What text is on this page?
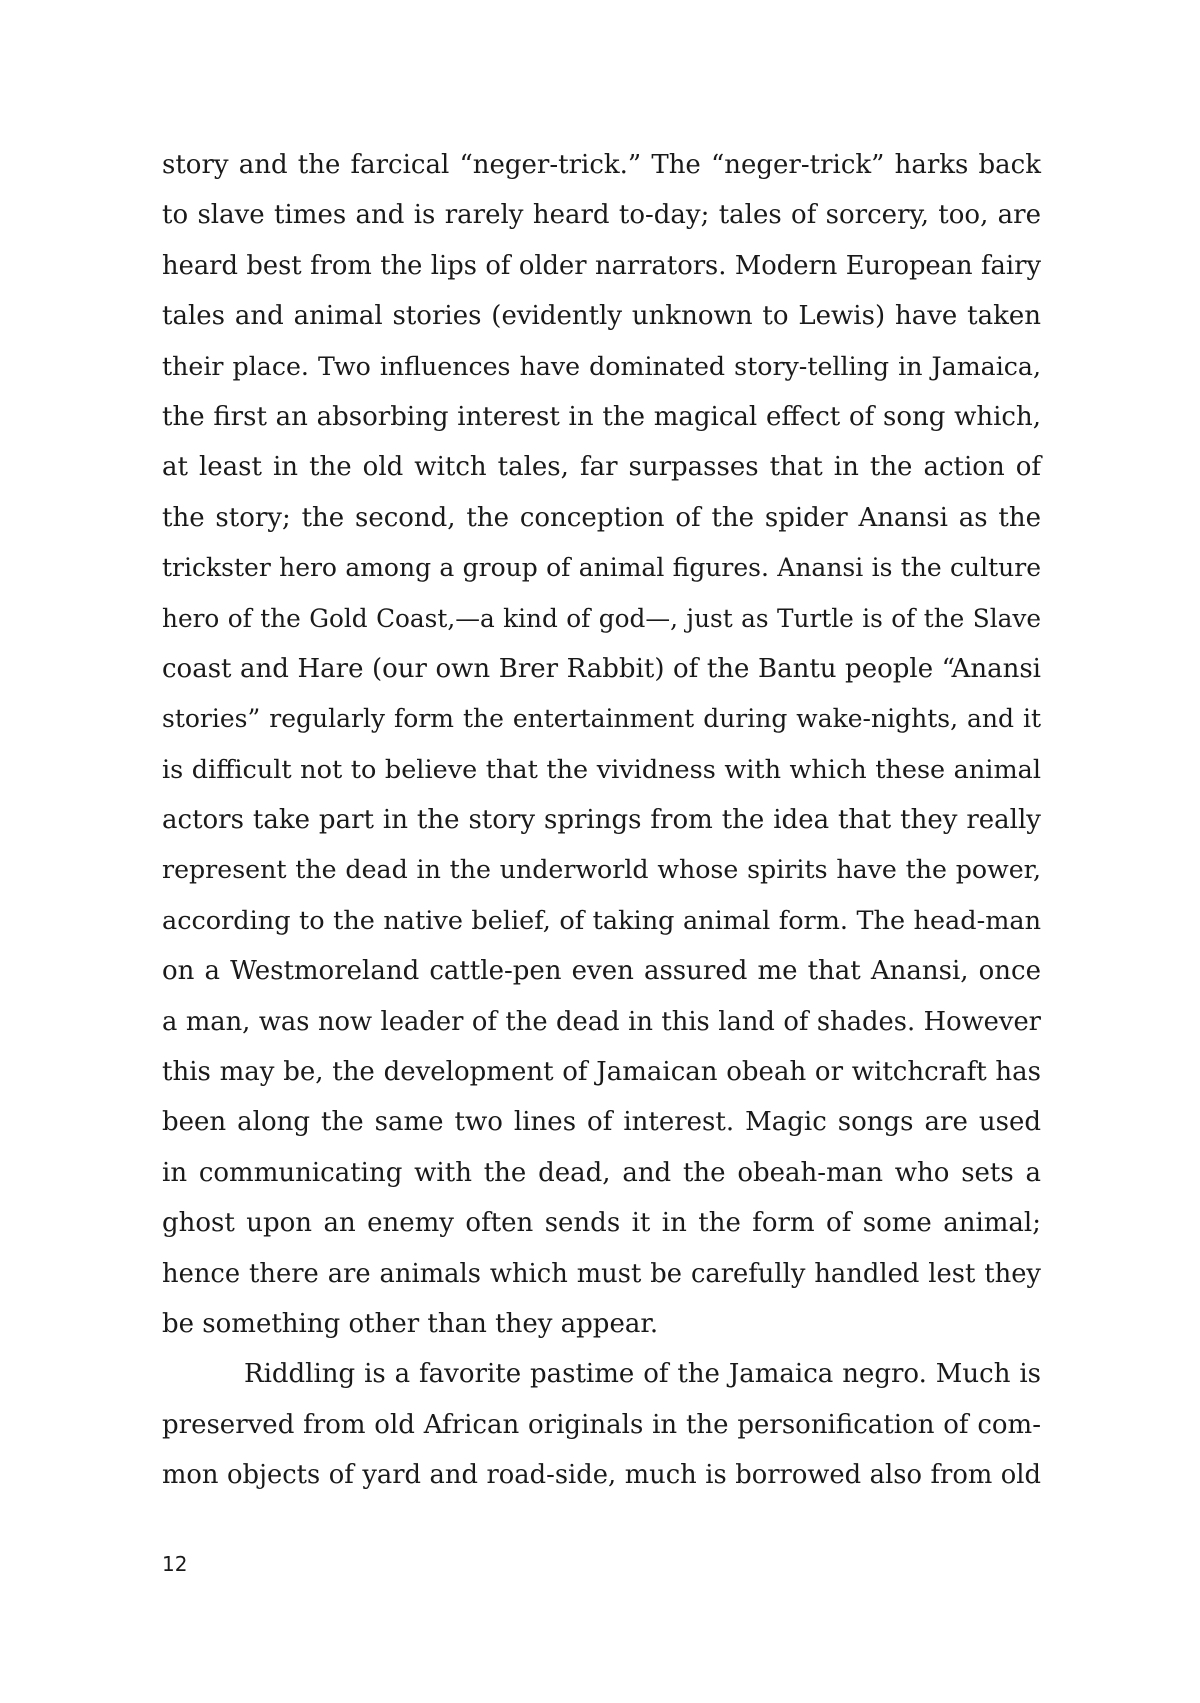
story and the farcical “neger-trick.” The “neger-trick” harks back
to slave times and is rarely heard to-day; tales of sorcery, too, are
heard best from the lips of older narrators. Modern European fairy
tales and animal stories (evidently unknown to Lewis) have taken
their place. Two influences have dominated story-telling in Jamaica,
the first an absorbing interest in the magical effect of song which,
at least in the old witch tales, far surpasses that in the action of
the story; the second, the conception of the spider Anansi as the
trickster hero among a group of animal figures. Anansi is the culture
hero of the Gold Coast,—a kind of god—, just as Turtle is of the Slave
coast and Hare (our own Brer Rabbit) of the Bantu people “Anansi
stories” regularly form the entertainment during wake-nights, and it
is difficult not to believe that the vividness with which these animal
actors take part in the story springs from the idea that they really
represent the dead in the underworld whose spirits have the power,
according to the native belief, of taking animal form. The head-man
on a Westmoreland cattle-pen even assured me that Anansi, once
a man, was now leader of the dead in this land of shades. However
this may be, the development of Jamaican obeah or witchcraft has
been along the same two lines of interest. Magic songs are used
in communicating with the dead, and the obeah-man who sets a
ghost upon an enemy often sends it in the form of some animal;
hence there are animals which must be carefully handled lest they
be something other than they appear.
Riddling is a favorite pastime of the Jamaica negro. Much is
preserved from old African originals in the personification of com-
mon objects of yard and road-side, much is borrowed also from old
12
